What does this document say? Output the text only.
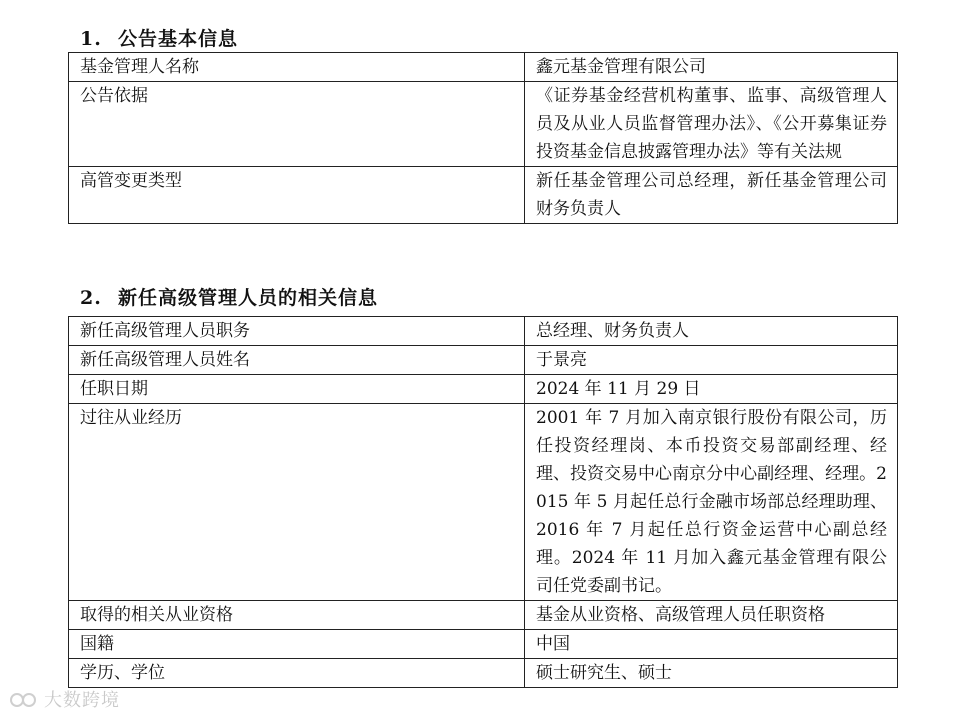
1. 公告基本信息
基金管理人名称	鑫元基金管理有限公司
公告依据	《证券基金经营机构董事、监事、高级管理人员及从业人员监督管理办法》、《公开募集证券投资基金信息披露管理办法》等有关法规
高管变更类型	新任基金管理公司总经理，新任基金管理公司财务负责人
2. 新任高级管理人员的相关信息
新任高级管理人员职务	总经理、财务负责人
新任高级管理人员姓名	于景亮
任职日期	2024 年 11 月 29 日
过往从业经历	2001 年 7 月加入南京银行股份有限公司，历任投资经理岗、本币投资交易部副经理、经理、投资交易中心南京分中心副经理、经理。2015 年 5 月起任总行金融市场部总经理助理、2016 年 7 月起任总行资金运营中心副总经理。2024 年 11 月加入鑫元基金管理有限公司任党委副书记。
取得的相关从业资格	基金从业资格、高级管理人员任职资格
国籍	中国
学历、学位	硕士研究生、硕士
大数跨境
